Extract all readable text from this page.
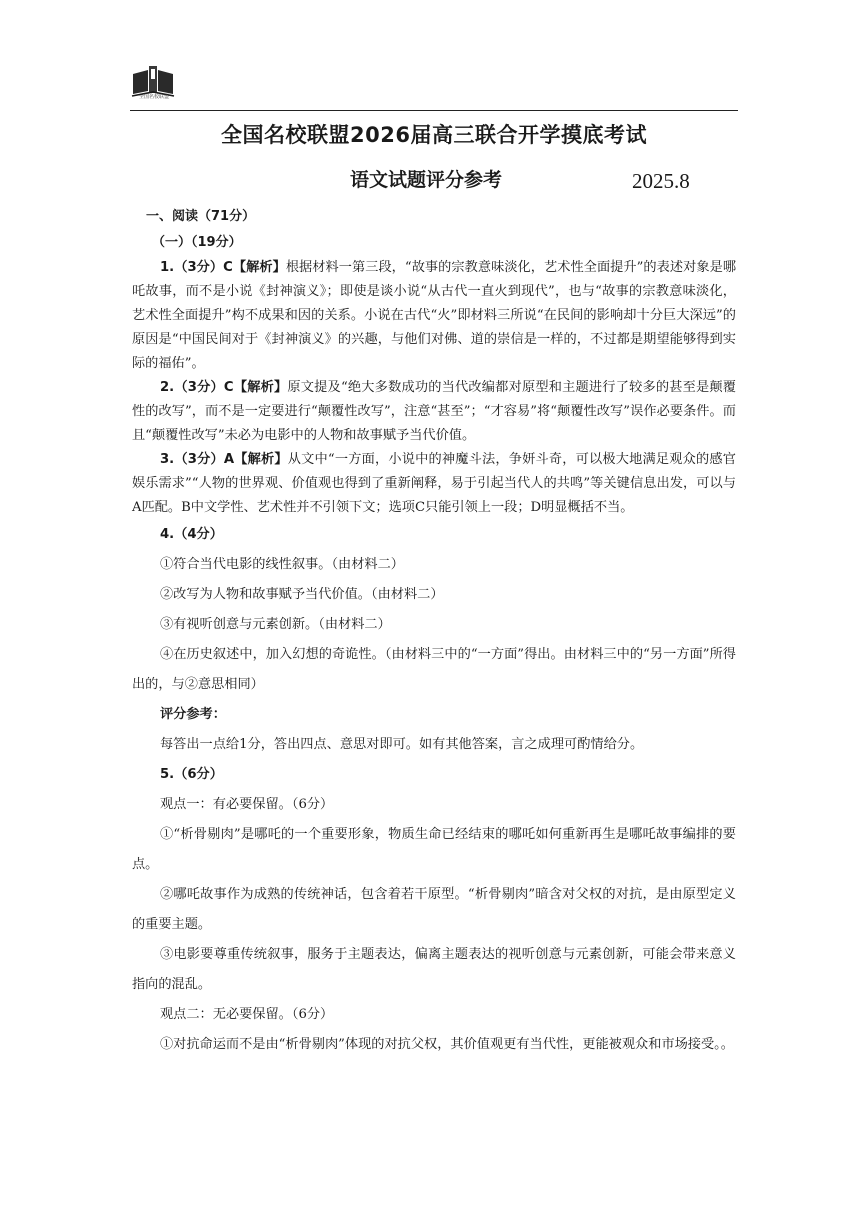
全国名校联盟
全国名校联盟2026届高三联合开学摸底考试
语文试题评分参考	2025.8

一、阅读（71分）

（一）（19分）

1.（3分）C【解析】根据材料一第三段，“故事的宗教意味淡化，艺术性全面提升”的表述对象是哪吒故事，而不是小说《封神演义》；即使是谈小说“从古代一直火到现代”，也与“故事的宗教意味淡化，艺术性全面提升”构不成果和因的关系。小说在古代“火”即材料三所说“在民间的影响却十分巨大深远”的原因是“中国民间对于《封神演义》的兴趣，与他们对佛、道的崇信是一样的，不过都是期望能够得到实际的福佑”。

2.（3分）C【解析】原文提及“绝大多数成功的当代改编都对原型和主题进行了较多的甚至是颠覆性的改写”，而不是一定要进行“颠覆性改写”，注意“甚至”；“才容易”将“颠覆性改写”误作必要条件。而且“颠覆性改写”未必为电影中的人物和故事赋予当代价值。

3.（3分）A【解析】从文中“一方面，小说中的神魔斗法，争妍斗奇，可以极大地满足观众的感官娱乐需求”“人物的世界观、价值观也得到了重新阐释，易于引起当代人的共鸣”等关键信息出发，可以与A匹配。B中文学性、艺术性并不引领下文；选项C只能引领上一段；D明显概括不当。

4.（4分）

①符合当代电影的线性叙事。（由材料二）

②改写为人物和故事赋予当代价值。（由材料二）

③有视听创意与元素创新。（由材料二）

④在历史叙述中，加入幻想的奇诡性。（由材料三中的“一方面”得出。由材料三中的“另一方面”所得出的，与②意思相同）

评分参考：

每答出一点给1分，答出四点、意思对即可。如有其他答案，言之成理可酌情给分。

5.（6分）

观点一：有必要保留。（6分）

①“析骨剔肉”是哪吒的一个重要形象，物质生命已经结束的哪吒如何重新再生是哪吒故事编排的要点。

②哪吒故事作为成熟的传统神话，包含着若干原型。“析骨剔肉”暗含对父权的对抗，是由原型定义的重要主题。

③电影要尊重传统叙事，服务于主题表达，偏离主题表达的视听创意与元素创新，可能会带来意义指向的混乱。

观点二：无必要保留。（6分）

①对抗命运而不是由“析骨剔肉”体现的对抗父权，其价值观更有当代性，更能被观众和市场接受。。
